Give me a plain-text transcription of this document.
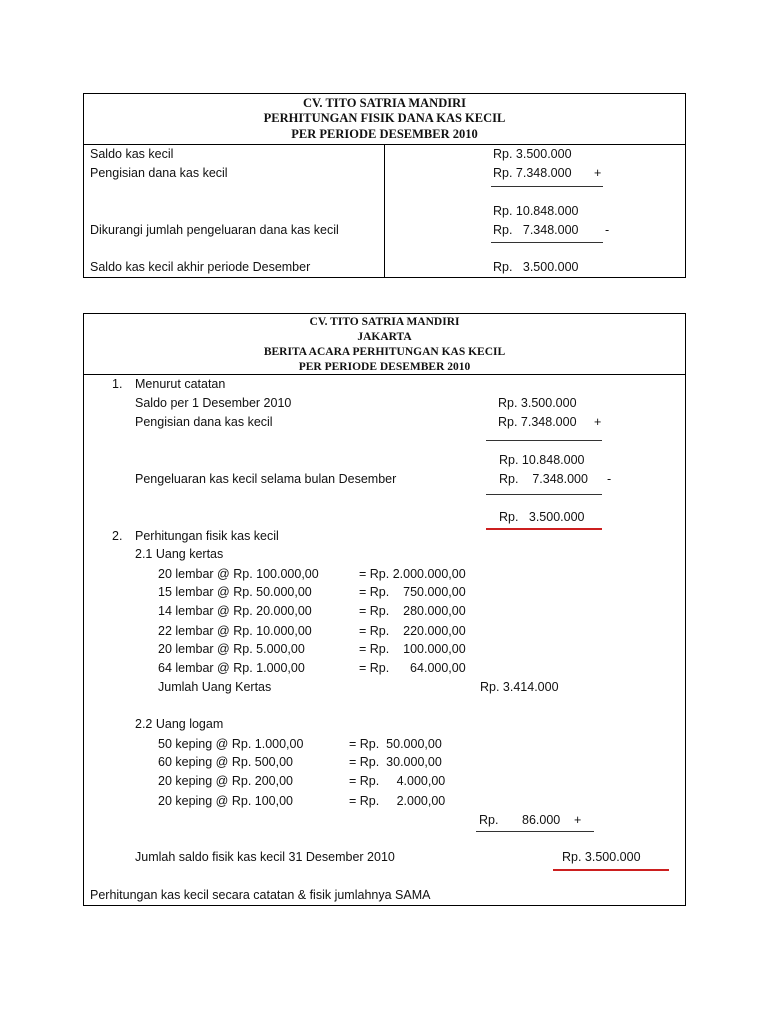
CV. TITO SATRIA MANDIRI
PERHITUNGAN FISIK DANA KAS KECIL
PER PERIODE DESEMBER 2010
Saldo kas kecil	Rp. 3.500.000
Pengisian dana kas kecil	Rp. 7.348.000 +
Rp. 10.848.000
Dikurangi jumlah pengeluaran dana kas kecil	Rp.   7.348.000 -
Saldo kas kecil akhir periode Desember	Rp.   3.500.000
CV. TITO SATRIA MANDIRI
JAKARTA
BERITA ACARA PERHITUNGAN KAS KECIL
PER PERIODE DESEMBER 2010
1. Menurut catatan
Saldo per 1 Desember 2010	Rp. 3.500.000
Pengisian dana kas kecil	Rp. 7.348.000 +
Rp. 10.848.000
Pengeluaran kas kecil selama bulan Desember	Rp.    7.348.000 -
Rp.   3.500.000
2. Perhitungan fisik kas kecil
2.1 Uang kertas
20 lembar @ Rp. 100.000,00	= Rp. 2.000.000,00
15 lembar @ Rp. 50.000,00	= Rp.    750.000,00
14 lembar @ Rp. 20.000,00	= Rp.    280.000,00
22 lembar @ Rp. 10.000,00	= Rp.    220.000,00
20 lembar @ Rp. 5.000,00	= Rp.    100.000,00
64 lembar @ Rp. 1.000,00	= Rp.      64.000,00
Jumlah Uang Kertas	Rp. 3.414.000
2.2 Uang logam
50 keping @ Rp. 1.000,00	= Rp.  50.000,00
60 keping @ Rp. 500,00	= Rp.  30.000,00
20 keping @ Rp. 200,00	= Rp.     4.000,00
20 keping @ Rp. 100,00	= Rp.     2.000,00
Rp. 86.000 +
Jumlah saldo fisik kas kecil 31 Desember 2010	Rp. 3.500.000
Perhitungan kas kecil secara catatan & fisik jumlahnya SAMA
